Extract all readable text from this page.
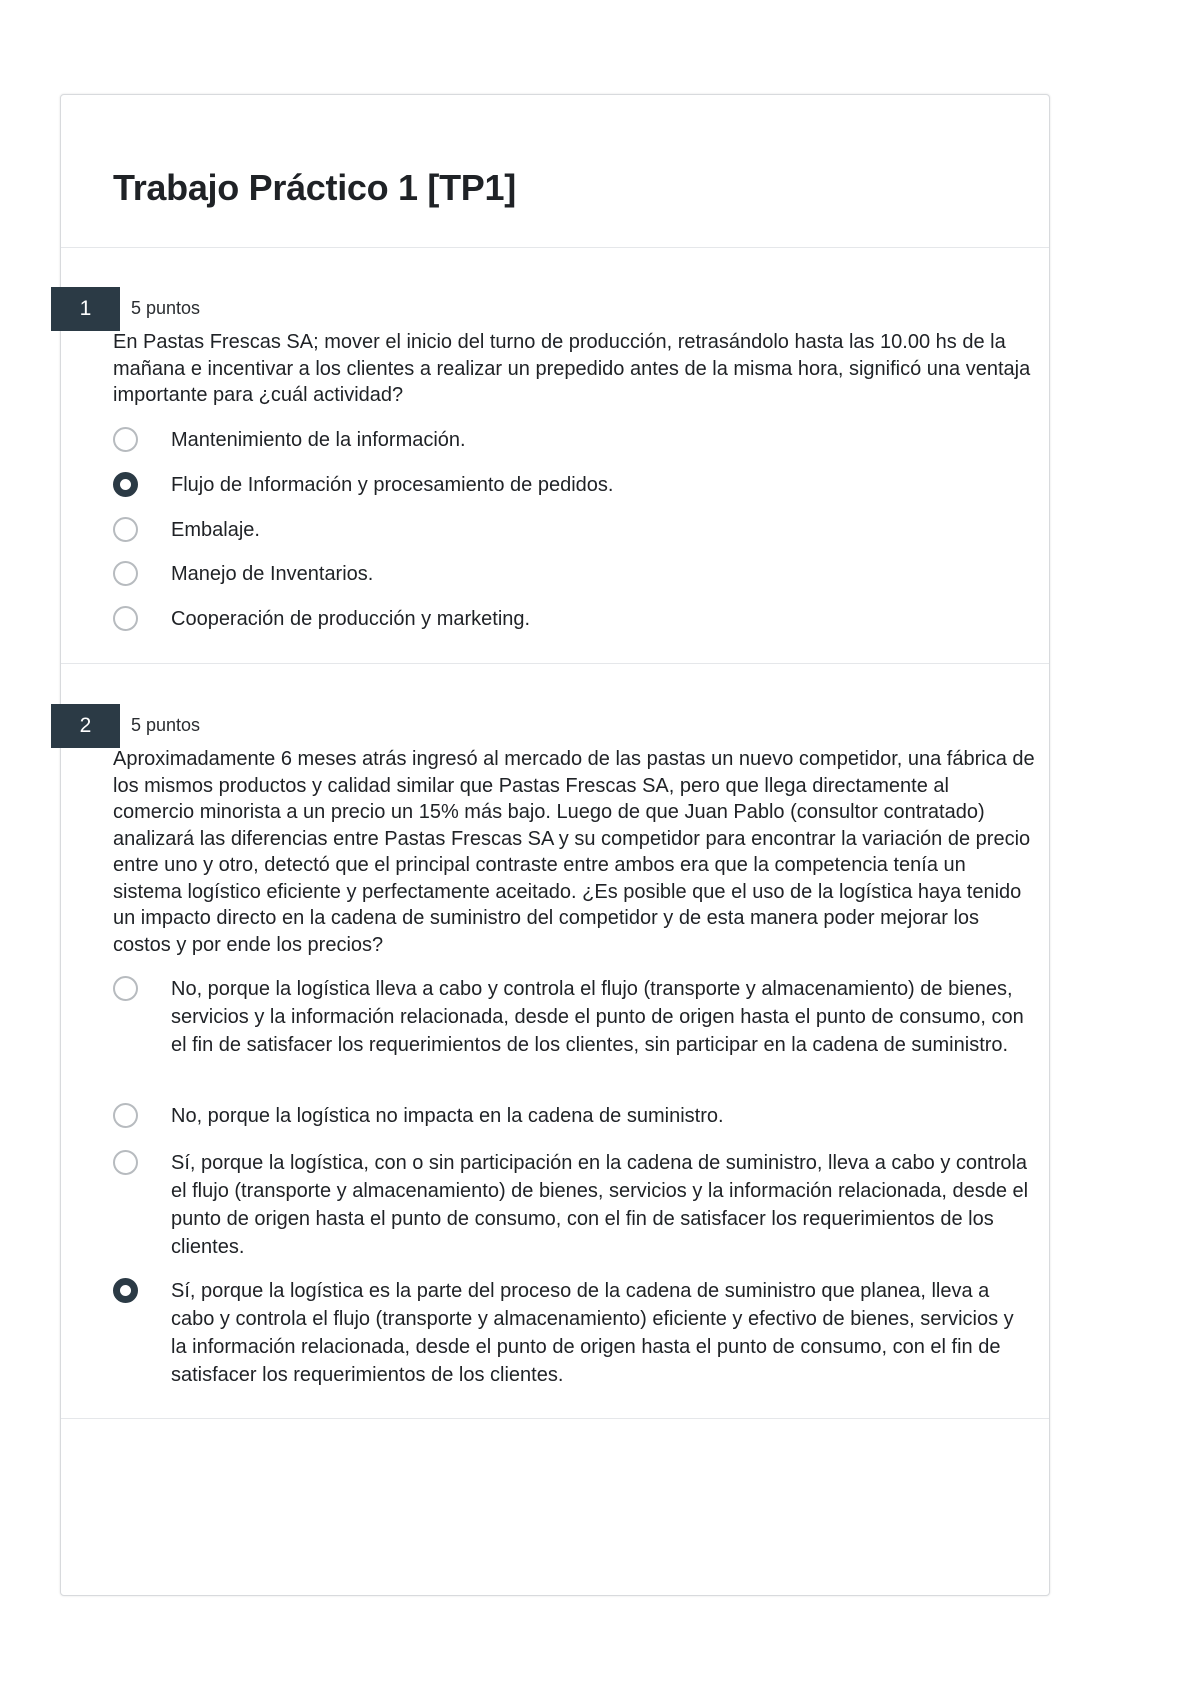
Trabajo Práctico 1 [TP1]
1	5 puntos

En Pastas Frescas SA; mover el inicio del turno de producción, retrasándolo hasta las 10.00 hs de la mañana e incentivar a los clientes a realizar un prepedido antes de la misma hora, significó una ventaja importante para ¿cuál actividad?

Mantenimiento de la información.
Flujo de Información y procesamiento de pedidos.
Embalaje.
Manejo de Inventarios.
Cooperación de producción y marketing.
2	5 puntos

Aproximadamente 6 meses atrás ingresó al mercado de las pastas un nuevo competidor, una fábrica de los mismos productos y calidad similar que Pastas Frescas SA, pero que llega directamente al comercio minorista a un precio un 15% más bajo. Luego de que Juan Pablo (consultor contratado) analizará las diferencias entre Pastas Frescas SA y su competidor para encontrar la variación de precio entre uno y otro, detectó que el principal contraste entre ambos era que la competencia tenía un sistema logístico eficiente y perfectamente aceitado. ¿Es posible que el uso de la logística haya tenido un impacto directo en la cadena de suministro del competidor y de esta manera poder mejorar los costos y por ende los precios?

No, porque la logística lleva a cabo y controla el flujo (transporte y almacenamiento) de bienes, servicios y la información relacionada, desde el punto de origen hasta el punto de consumo, con el fin de satisfacer los requerimientos de los clientes, sin participar en la cadena de suministro.
No, porque la logística no impacta en la cadena de suministro.
Sí, porque la logística, con o sin participación en la cadena de suministro, lleva a cabo y controla el flujo (transporte y almacenamiento) de bienes, servicios y la información relacionada, desde el punto de origen hasta el punto de consumo, con el fin de satisfacer los requerimientos de los clientes.
Sí, porque la logística es la parte del proceso de la cadena de suministro que planea, lleva a cabo y controla el flujo (transporte y almacenamiento) eficiente y efectivo de bienes, servicios y la información relacionada, desde el punto de origen hasta el punto de consumo, con el fin de satisfacer los requerimientos de los clientes.
